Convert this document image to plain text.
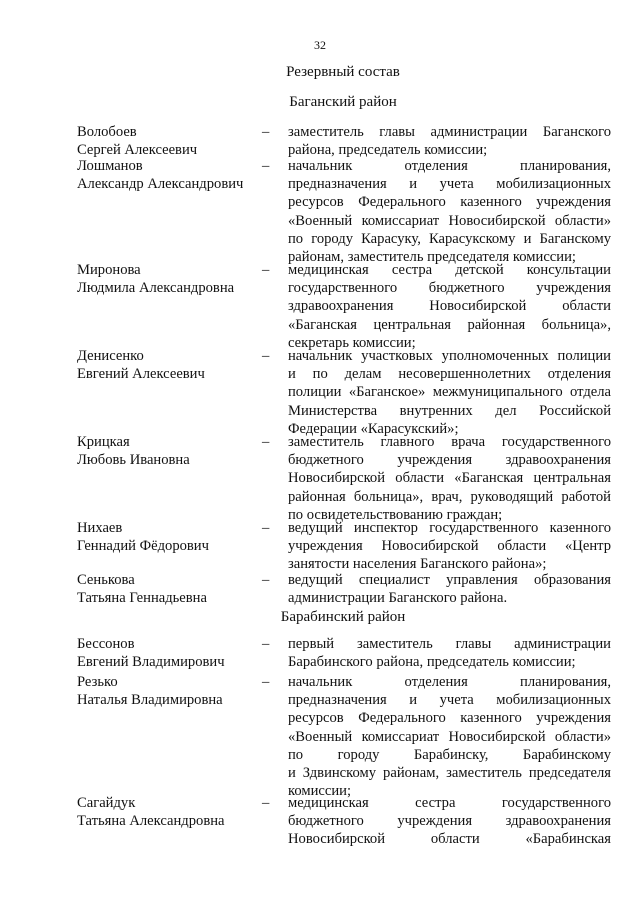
32
Резервный состав
Баганский район
Волобоев
Сергей Алексеевич
– заместитель главы администрации Баганского
района, председатель комиссии;
Лошманов
Александр Александрович
– начальник отделения планирования,
предназначения и учета мобилизационных
ресурсов Федерального казенного учреждения
«Военный комиссариат Новосибирской области»
по городу Карасуку, Карасукскому и Баганскому
районам, заместитель председателя комиссии;
Миронова
Людмила Александровна
– медицинская сестра детской консультации
государственного бюджетного учреждения
здравоохранения Новосибирской области
«Баганская центральная районная больница»,
секретарь комиссии;
Денисенко
Евгений Алексеевич
– начальник участковых уполномоченных полиции
и по делам несовершеннолетних отделения
полиции «Баганское» межмуниципального отдела
Министерства внутренних дел Российской
Федерации «Карасукский»;
Крицкая
Любовь Ивановна
– заместитель главного врача государственного
бюджетного учреждения здравоохранения
Новосибирской области «Баганская центральная
районная больница», врач, руководящий работой
по освидетельствованию граждан;
Нихаев
Геннадий Фёдорович
– ведущий инспектор государственного казенного
учреждения Новосибирской области «Центр
занятости населения Баганского района»;
Сенькова
Татьяна Геннадьевна
– ведущий специалист управления образования
администрации Баганского района.
Барабинский район
Бессонов
Евгений Владимирович
– первый заместитель главы администрации
Барабинского района, председатель комиссии;
Резько
Наталья Владимировна
– начальник отделения планирования,
предназначения и учета мобилизационных
ресурсов Федерального казенного учреждения
«Военный комиссариат Новосибирской области»
по городу Барабинску, Барабинскому
и Здвинскому районам, заместитель председателя
комиссии;
Сагайдук
Татьяна Александровна
– медицинская сестра государственного
бюджетного учреждения здравоохранения
Новосибирской области «Барабинская
